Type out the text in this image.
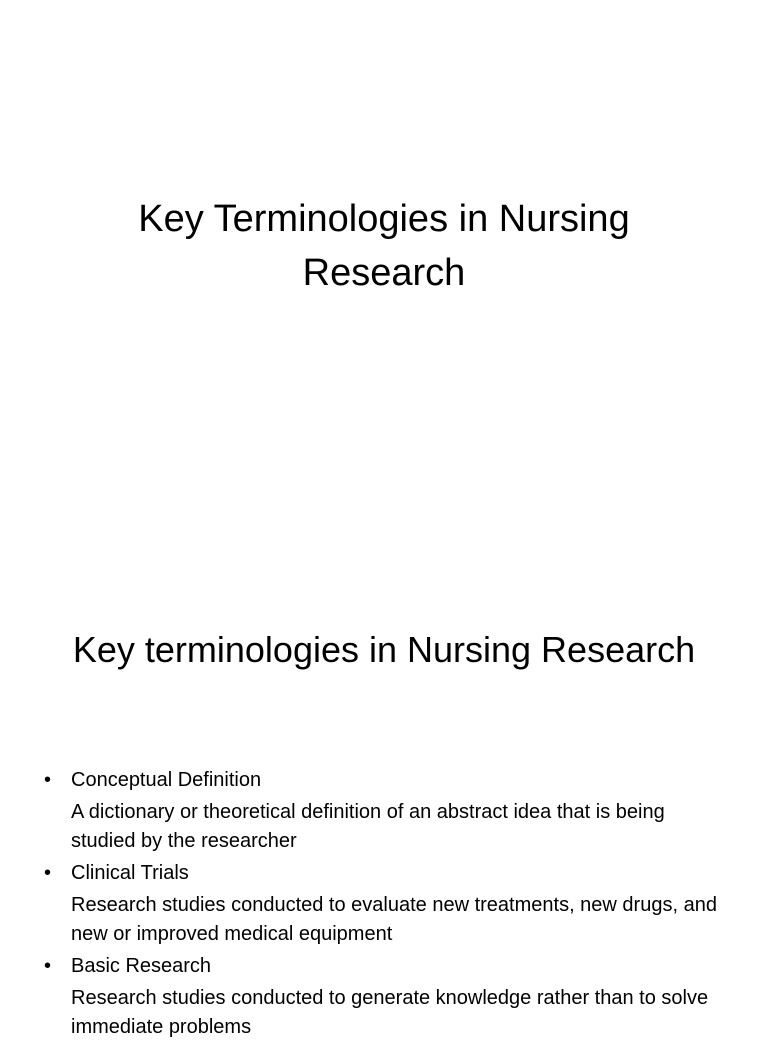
Key Terminologies in Nursing Research
Key terminologies in Nursing Research
• Conceptual Definition
A dictionary or theoretical definition of an abstract idea that is being studied by the researcher
• Clinical Trials
Research studies conducted to evaluate new treatments, new drugs, and new or improved medical equipment
• Basic Research
Research studies conducted to generate knowledge rather than to solve immediate problems
